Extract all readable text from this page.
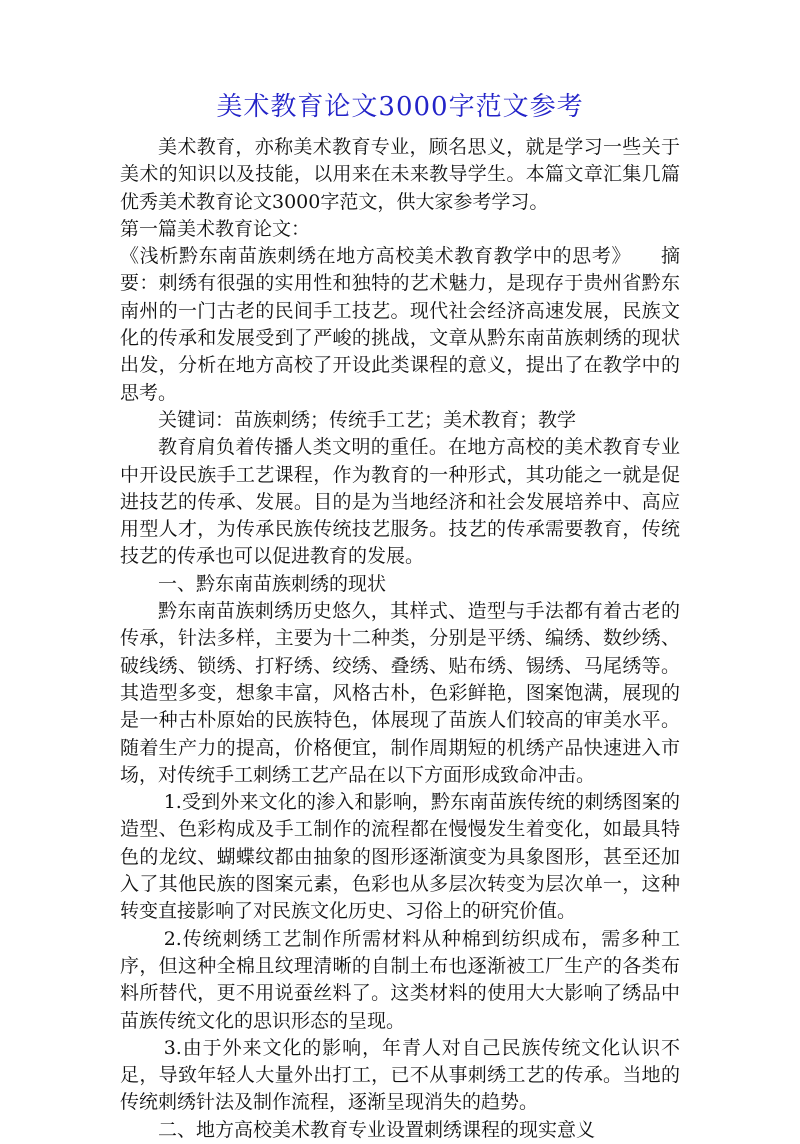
美术教育论文3000字范文参考

美术教育，亦称美术教育专业，顾名思义，就是学习一些关于美术的知识以及技能，以用来在未来教导学生。本篇文章汇集几篇优秀美术教育论文3000字范文，供大家参考学习。

第一篇美术教育论文：

《浅析黔东南苗族刺绣在地方高校美术教育教学中的思考》　　摘要：刺绣有很强的实用性和独特的艺术魅力，是现存于贵州省黔东南州的一门古老的民间手工技艺。现代社会经济高速发展，民族文化的传承和发展受到了严峻的挑战，文章从黔东南苗族刺绣的现状出发，分析在地方高校了开设此类课程的意义，提出了在教学中的思考。

关键词：苗族刺绣；传统手工艺；美术教育；教学

教育肩负着传播人类文明的重任。在地方高校的美术教育专业中开设民族手工艺课程，作为教育的一种形式，其功能之一就是促进技艺的传承、发展。目的是为当地经济和社会发展培养中、高应用型人才，为传承民族传统技艺服务。技艺的传承需要教育，传统技艺的传承也可以促进教育的发展。

一、黔东南苗族刺绣的现状

黔东南苗族刺绣历史悠久，其样式、造型与手法都有着古老的传承，针法多样，主要为十二种类，分别是平绣、编绣、数纱绣、破线绣、锁绣、打籽绣、绞绣、叠绣、贴布绣、锡绣、马尾绣等。其造型多变，想象丰富，风格古朴，色彩鲜艳，图案饱满，展现的是一种古朴原始的民族特色，体展现了苗族人们较高的审美水平。随着生产力的提高，价格便宜，制作周期短的机绣产品快速进入市场，对传统手工刺绣工艺产品在以下方面形成致命冲击。

1.受到外来文化的渗入和影响，黔东南苗族传统的刺绣图案的造型、色彩构成及手工制作的流程都在慢慢发生着变化，如最具特色的龙纹、蝴蝶纹都由抽象的图形逐渐演变为具象图形，甚至还加入了其他民族的图案元素，色彩也从多层次转变为层次单一，这种转变直接影响了对民族文化历史、习俗上的研究价值。

2.传统刺绣工艺制作所需材料从种棉到纺织成布，需多种工序，但这种全棉且纹理清晰的自制土布也逐渐被工厂生产的各类布料所替代，更不用说蚕丝料了。这类材料的使用大大影响了绣品中苗族传统文化的思识形态的呈现。

3.由于外来文化的影响，年青人对自己民族传统文化认识不足，导致年轻人大量外出打工，已不从事刺绣工艺的传承。当地的传统刺绣针法及制作流程，逐渐呈现消失的趋势。

二、地方高校美术教育专业设置刺绣课程的现实意义
